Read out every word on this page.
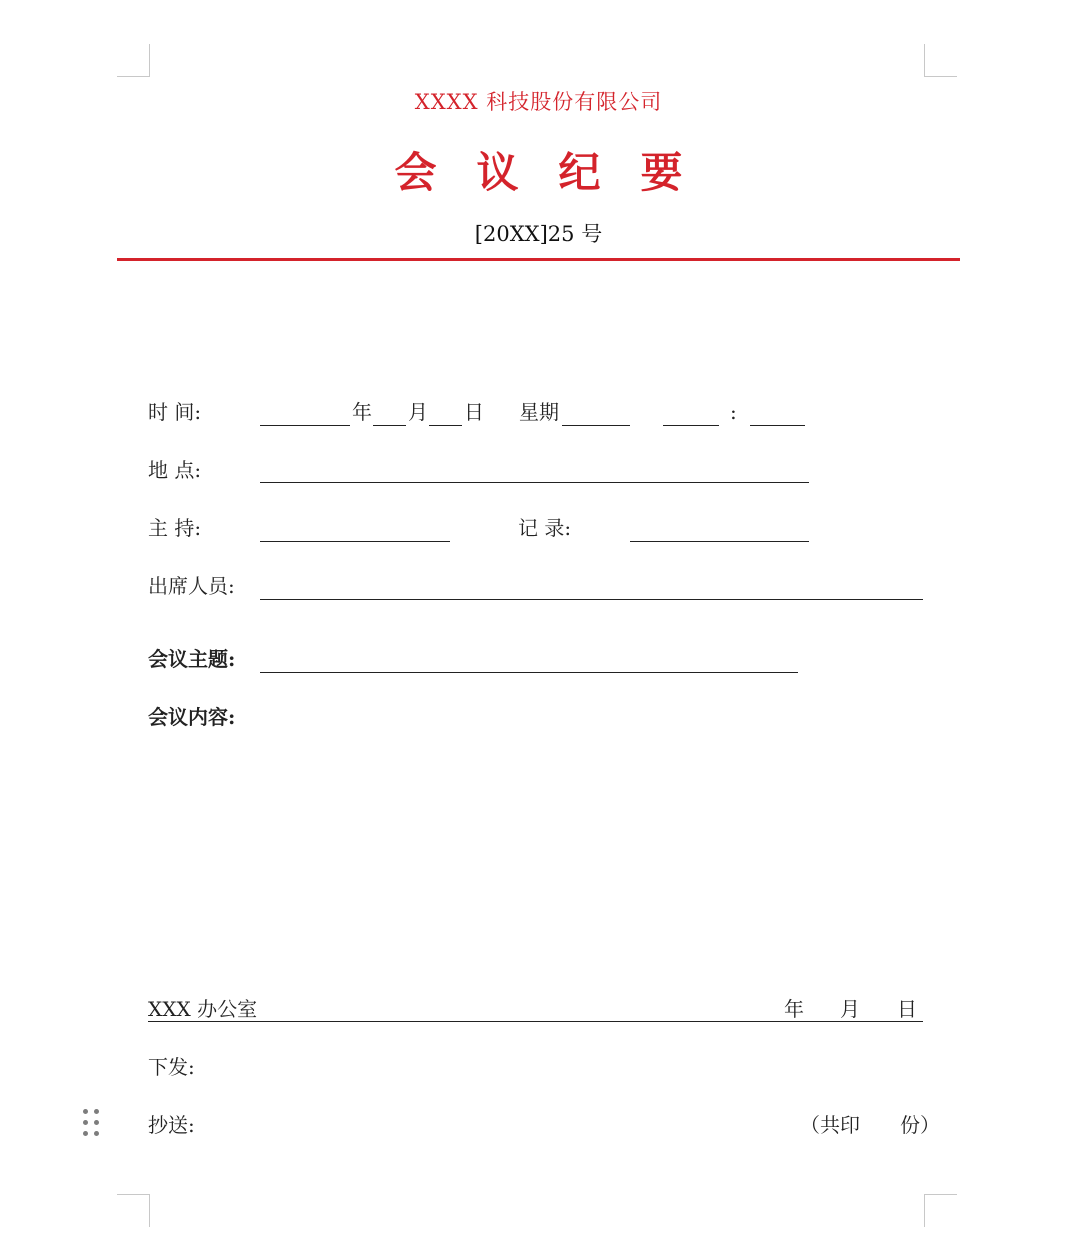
XXXX 科技股份有限公司
会议纪要
[20XX]25 号
时 间:	年 月 日 星期	:
地 点:
主 持:	记 录:
出席人员:
会议主题:
会议内容:
XXX 办公室	年 月 日
下发:
抄送:	（共印 份）
